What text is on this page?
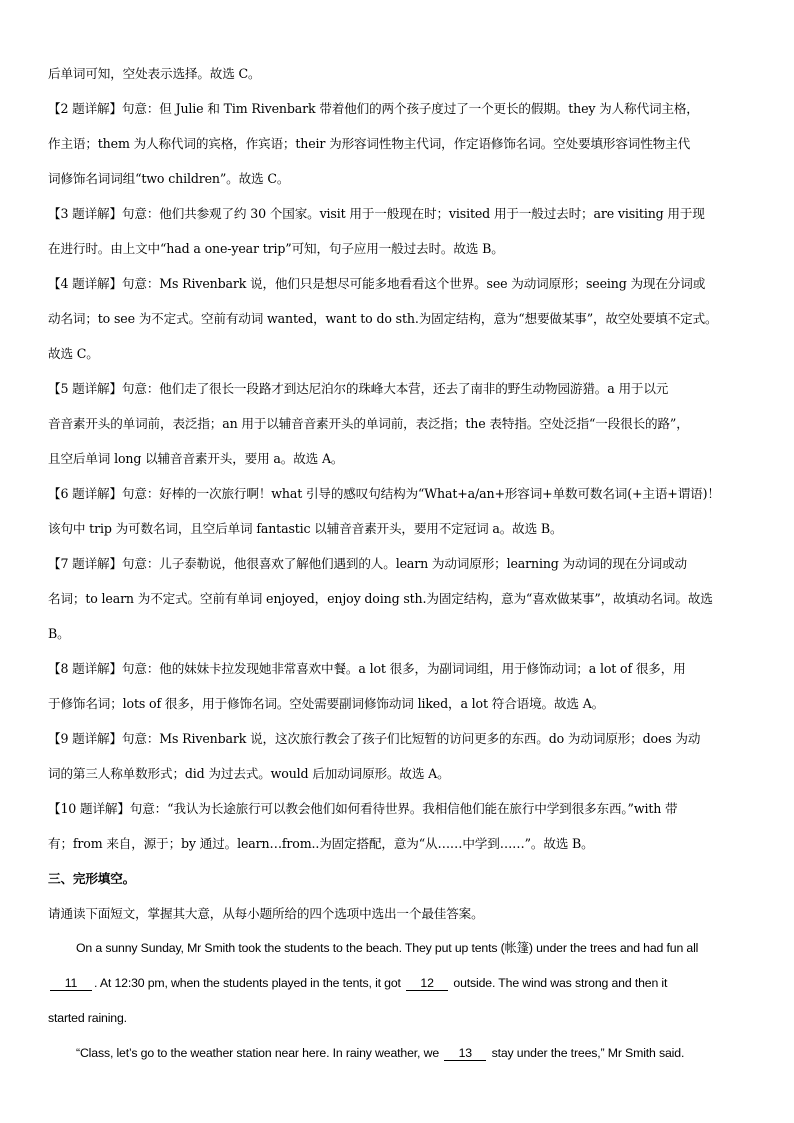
后单词可知，空处表示选择。故选 C。
【2 题详解】句意：但 Julie 和 Tim Rivenbark 带着他们的两个孩子度过了一个更长的假期。they 为人称代词主格，
作主语；them 为人称代词的宾格，作宾语；their 为形容词性物主代词，作定语修饰名词。空处要填形容词性物主代
词修饰名词词组“two children”。故选 C。
【3 题详解】句意：他们共参观了约 30 个国家。visit 用于一般现在时；visited 用于一般过去时；are visiting 用于现
在进行时。由上文中“had a one-year trip”可知，句子应用一般过去时。故选 B。
【4 题详解】句意：Ms Rivenbark 说，他们只是想尽可能多地看看这个世界。see 为动词原形；seeing 为现在分词或
动名词；to see 为不定式。空前有动词 wanted，want to do sth.为固定结构，意为“想要做某事”，故空处要填不定式。
故选 C。
【5 题详解】句意：他们走了很长一段路才到达尼泊尔的珠峰大本营，还去了南非的野生动物园游猎。a 用于以元
音音素开头的单词前，表泛指；an 用于以辅音音素开头的单词前，表泛指；the 表特指。空处泛指“一段很长的路”，
且空后单词 long 以辅音音素开头，要用 a。故选 A。
【6 题详解】句意：好棒的一次旅行啊！what 引导的感叹句结构为“What+a/an+形容词+单数可数名词(+主语+谓语)！
该句中 trip 为可数名词，且空后单词 fantastic 以辅音音素开头，要用不定冠词 a。故选 B。
【7 题详解】句意：儿子泰勒说，他很喜欢了解他们遇到的人。learn 为动词原形；learning 为动词的现在分词或动
名词；to learn 为不定式。空前有单词 enjoyed，enjoy doing sth.为固定结构，意为“喜欢做某事”，故填动名词。故选
B。
【8 题详解】句意：他的妹妹卡拉发现她非常喜欢中餐。a lot 很多，为副词词组，用于修饰动词；a lot of 很多，用
于修饰名词；lots of 很多，用于修饰名词。空处需要副词修饰动词 liked，a lot 符合语境。故选 A。
【9 题详解】句意：Ms Rivenbark 说，这次旅行教会了孩子们比短暂的访问更多的东西。do 为动词原形；does 为动
词的第三人称单数形式；did 为过去式。would 后加动词原形。故选 A。
【10 题详解】句意：“我认为长途旅行可以教会他们如何看待世界。我相信他们能在旅行中学到很多东西。”with 带
有；from 来自，源于；by 通过。learn…from..为固定搭配，意为“从……中学到……”。故选 B。
三、完形填空。
请通读下面短文，掌握其大意，从每小题所给的四个选项中选出一个最佳答案。
On a sunny Sunday, Mr Smith took the students to the beach. They put up tents (帐篷) under the trees and had fun all
11 . At 12:30 pm, when the students played in the tents, it got 12 outside. The wind was strong and then it
started raining.
“Class, let’s go to the weather station near here. In rainy weather, we 13 stay under the trees,” Mr Smith said.
